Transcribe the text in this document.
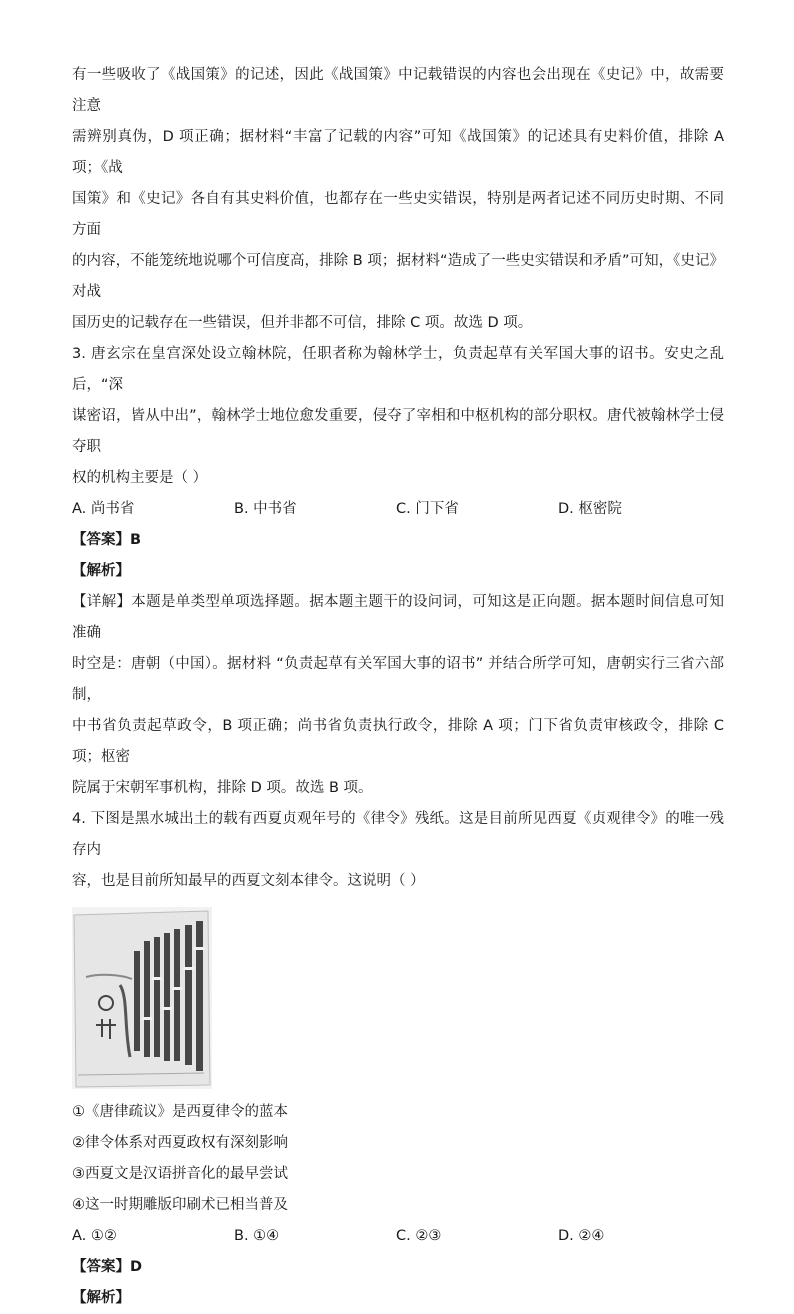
有一些吸收了《战国策》的记述，因此《战国策》中记载错误的内容也会出现在《史记》中，故需要注意

需辨别真伪，D 项正确；据材料“丰富了记载的内容”可知《战国策》的记述具有史料价值，排除 A 项；《战

国策》和《史记》各自有其史料价值，也都存在一些史实错误，特别是两者记述不同历史时期、不同方面

的内容，不能笼统地说哪个可信度高，排除 B 项；据材料“造成了一些史实错误和矛盾”可知，《史记》对战

国历史的记载存在一些错误，但并非都不可信，排除 C 项。故选 D 项。

3. 唐玄宗在皇宫深处设立翰林院，任职者称为翰林学士，负责起草有关军国大事的诏书。安史之乱后，“深

谋密诏，皆从中出”，翰林学士地位愈发重要，侵夺了宰相和中枢机构的部分职权。唐代被翰林学士侵夺职

权的机构主要是（ ）

A. 尚书省	B. 中书省	C. 门下省	D. 枢密院
【答案】B
【解析】

【详解】本题是单类型单项选择题。据本题主题干的设问词，可知这是正向题。据本题时间信息可知准确

时空是：唐朝（中国）。据材料 “负责起草有关军国大事的诏书” 并结合所学可知，唐朝实行三省六部制，

中书省负责起草政令，B 项正确；尚书省负责执行政令，排除 A 项；门下省负责审核政令，排除 C 项；枢密

院属于宋朝军事机构，排除 D 项。故选 B 项。

4. 下图是黑水城出土的载有西夏贞观年号的《律令》残纸。这是目前所见西夏《贞观律令》的唯一残存内

容，也是目前所知最早的西夏文刻本律令。这说明（ ）

①《唐律疏议》是西夏律令的蓝本
②律令体系对西夏政权有深刻影响
③西夏文是汉语拼音化的最早尝试
④这一时期雕版印刷术已相当普及
A. ①②	B. ①④	C. ②③	D. ②④
【答案】D
【解析】
